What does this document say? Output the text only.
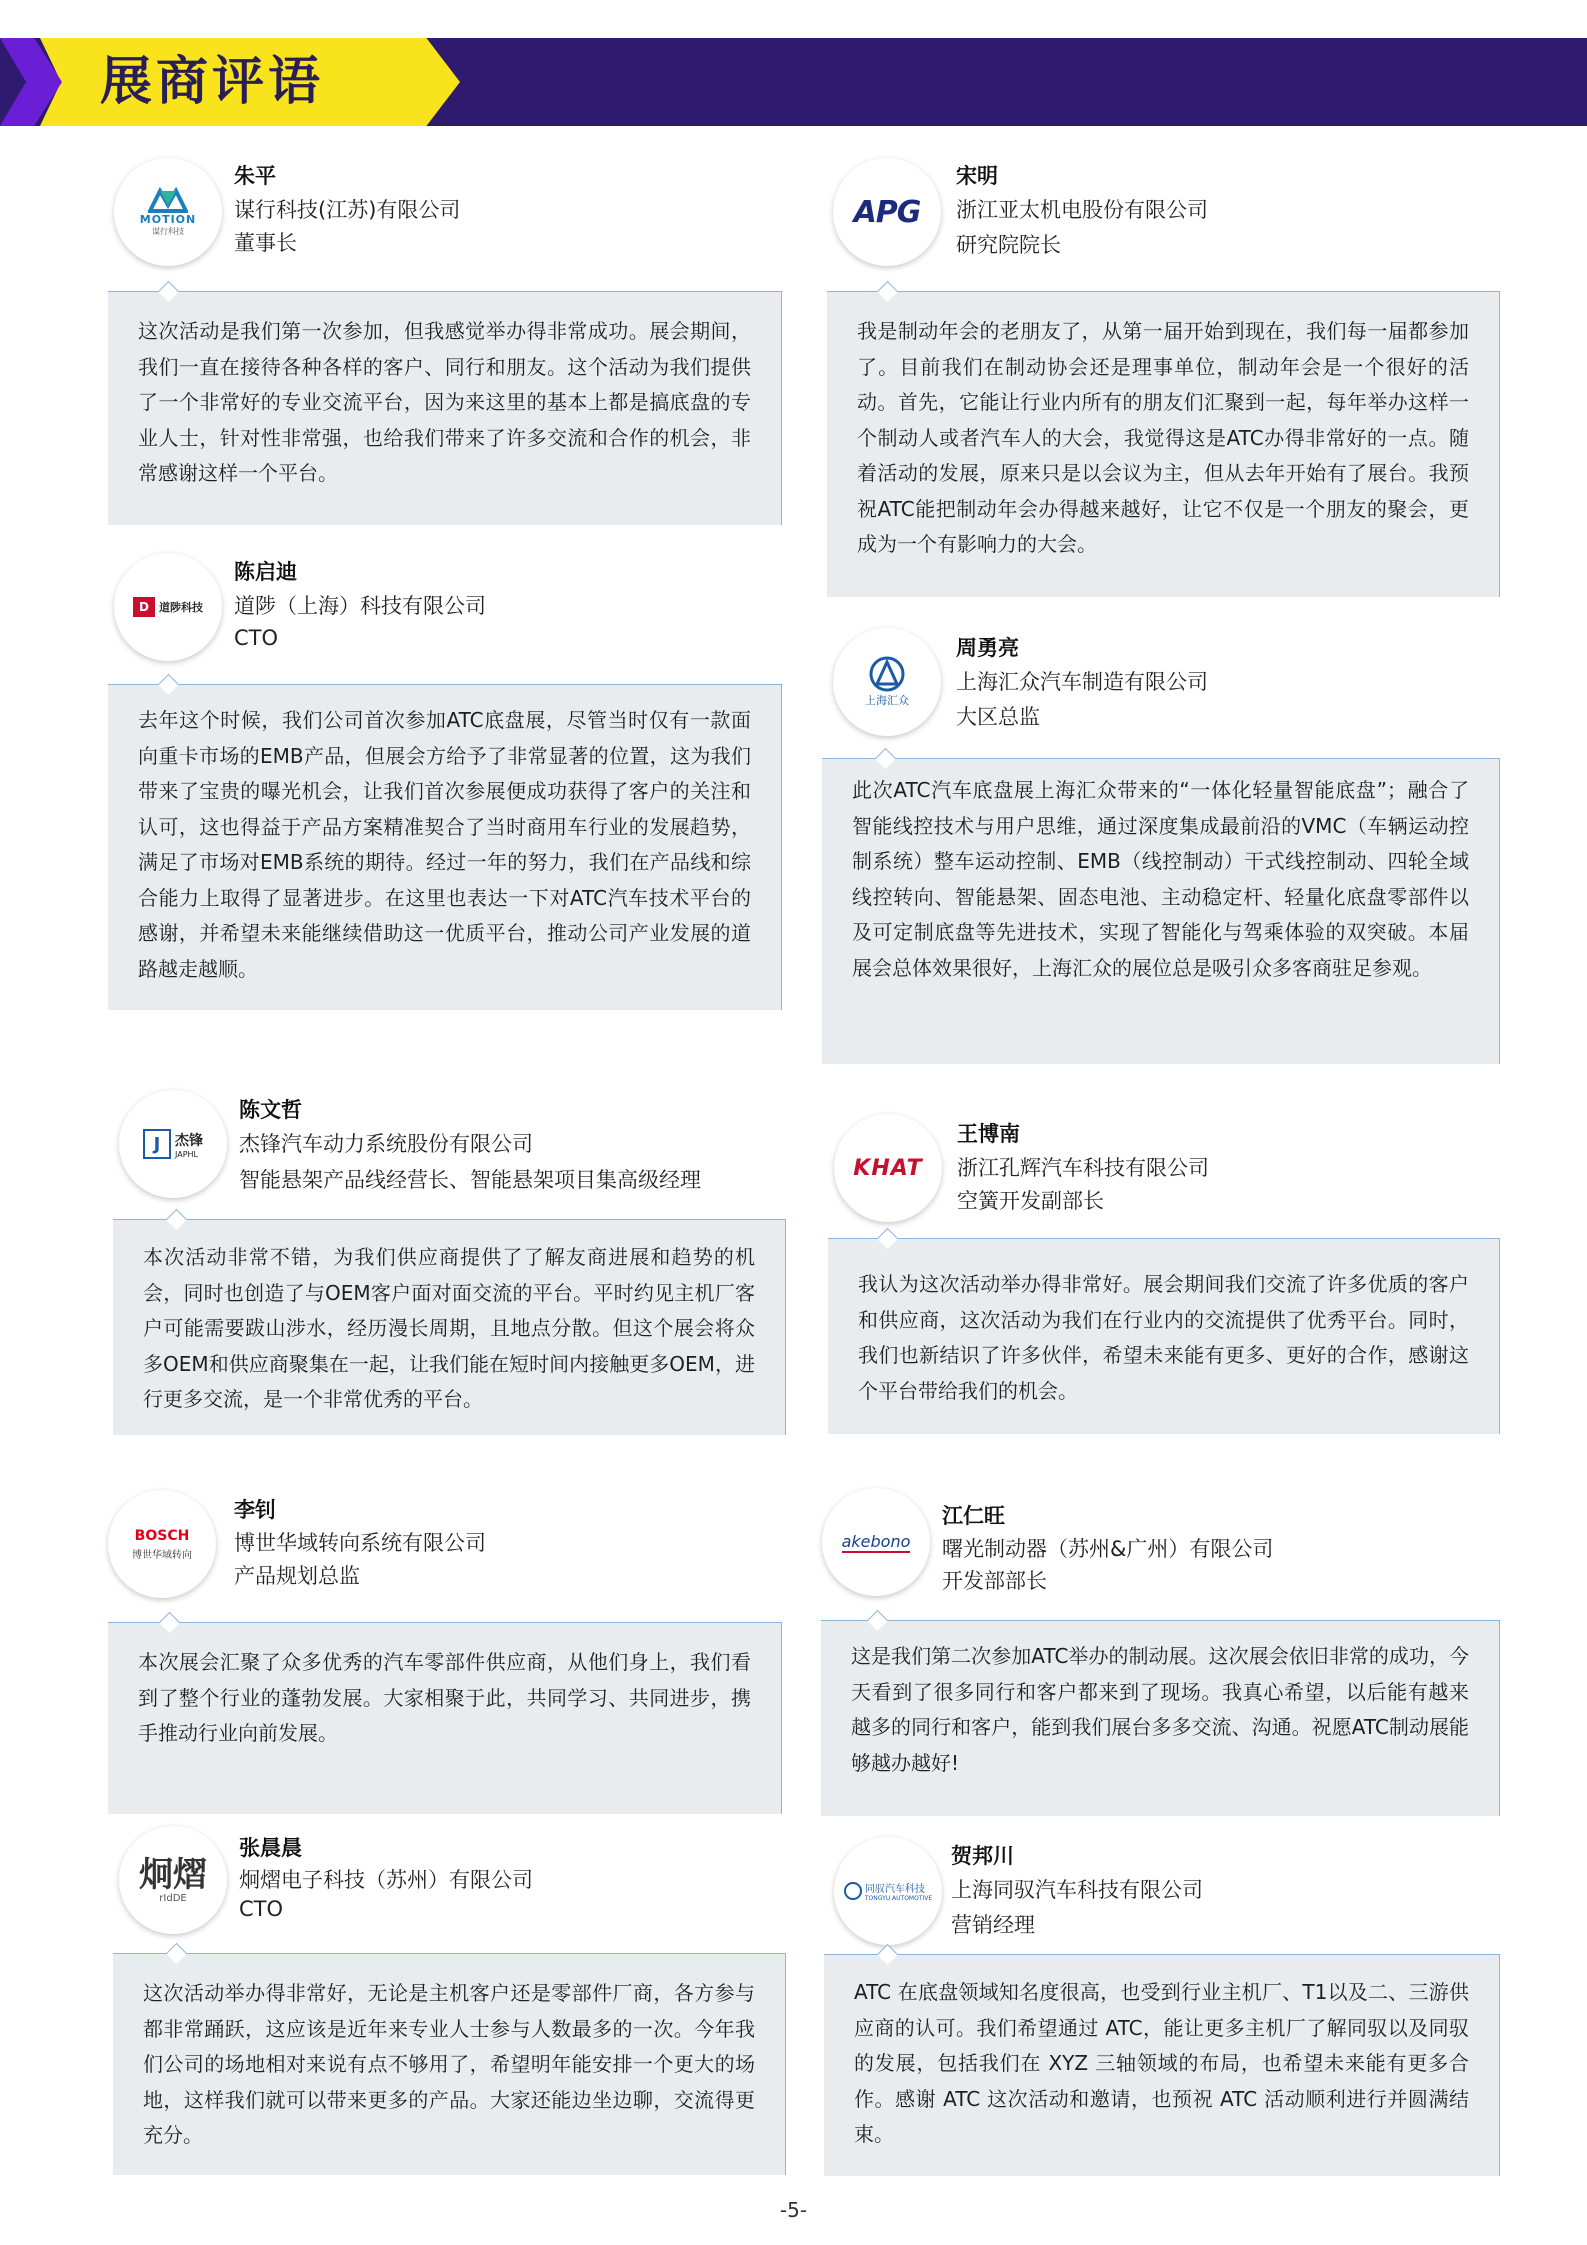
展商评语
MOTION
谋行科技
朱平
谋行科技(江苏)有限公司
董事长
这次活动是我们第一次参加，但我感觉举办得非常成功。展会期间，我们一直在接待各种各样的客户、同行和朋友。这个活动为我们提供了一个非常好的专业交流平台，因为来这里的基本上都是搞底盘的专业人士，针对性非常强，也给我们带来了许多交流和合作的机会，非常感谢这样一个平台。
APG
宋明
浙江亚太机电股份有限公司
研究院院长
我是制动年会的老朋友了，从第一届开始到现在，我们每一届都参加了。目前我们在制动协会还是理事单位，制动年会是一个很好的活动。首先，它能让行业内所有的朋友们汇聚到一起，每年举办这样一个制动人或者汽车人的大会，我觉得这是ATC办得非常好的一点。随着活动的发展，原来只是以会议为主，但从去年开始有了展台。我预祝ATC能把制动年会办得越来越好，让它不仅是一个朋友的聚会，更成为一个有影响力的大会。
D 道陟科技
陈启迪
道陟（上海）科技有限公司
CTO
去年这个时候，我们公司首次参加ATC底盘展，尽管当时仅有一款面向重卡市场的EMB产品，但展会方给予了非常显著的位置，这为我们带来了宝贵的曝光机会，让我们首次参展便成功获得了客户的关注和认可，这也得益于产品方案精准契合了当时商用车行业的发展趋势，满足了市场对EMB系统的期待。经过一年的努力，我们在产品线和综合能力上取得了显著进步。在这里也表达一下对ATC汽车技术平台的感谢，并希望未来能继续借助这一优质平台，推动公司产业发展的道路越走越顺。
上海汇众
周勇亮
上海汇众汽车制造有限公司
大区总监
此次ATC汽车底盘展上海汇众带来的“一体化轻量智能底盘”；融合了智能线控技术与用户思维，通过深度集成最前沿的VMC（车辆运动控制系统）整车运动控制、EMB（线控制动）干式线控制动、四轮全域线控转向、智能悬架、固态电池、主动稳定杆、轻量化底盘零部件以及可定制底盘等先进技术，实现了智能化与驾乘体验的双突破。本届展会总体效果很好，上海汇众的展位总是吸引众多客商驻足参观。
J	杰锋
JAPHL
陈文哲
杰锋汽车动力系统股份有限公司
智能悬架产品线经营长、智能悬架项目集高级经理
本次活动非常不错，为我们供应商提供了了解友商进展和趋势的机会，同时也创造了与OEM客户面对面交流的平台。平时约见主机厂客户可能需要跋山涉水，经历漫长周期，且地点分散。但这个展会将众多OEM和供应商聚集在一起，让我们能在短时间内接触更多OEM，进行更多交流，是一个非常优秀的平台。
KHAT
王博南
浙江孔辉汽车科技有限公司
空簧开发副部长
我认为这次活动举办得非常好。展会期间我们交流了许多优质的客户和供应商，这次活动为我们在行业内的交流提供了优秀平台。同时，我们也新结识了许多伙伴，希望未来能有更多、更好的合作，感谢这个平台带给我们的机会。
BOSCH
博世华域转向
李钊
博世华域转向系统有限公司
产品规划总监
本次展会汇聚了众多优秀的汽车零部件供应商，从他们身上，我们看到了整个行业的蓬勃发展。大家相聚于此，共同学习、共同进步，携手推动行业向前发展。
akebono
江仁旺
曙光制动器（苏州&广州）有限公司
开发部部长
这是我们第二次参加ATC举办的制动展。这次展会依旧非常的成功，今天看到了很多同行和客户都来到了现场。我真心希望，以后能有越来越多的同行和客户，能到我们展台多多交流、沟通。祝愿ATC制动展能够越办越好!
炯熠
rIdDE
张晨晨
炯熠电子科技（苏州）有限公司
CTO
这次活动举办得非常好，无论是主机客户还是零部件厂商，各方参与都非常踊跃，这应该是近年来专业人士参与人数最多的一次。今年我们公司的场地相对来说有点不够用了，希望明年能安排一个更大的场地，这样我们就可以带来更多的产品。大家还能边坐边聊，交流得更充分。
同驭汽车科技
TONGYU AUTOMOTIVE
贺邦川
上海同驭汽车科技有限公司
营销经理
ATC 在底盘领域知名度很高，也受到行业主机厂、T1以及二、三游供应商的认可。我们希望通过 ATC，能让更多主机厂了解同驭以及同驭的发展，包括我们在 XYZ 三轴领域的布局，也希望未来能有更多合作。感谢 ATC 这次活动和邀请，也预祝 ATC 活动顺利进行并圆满结束。
-5-
